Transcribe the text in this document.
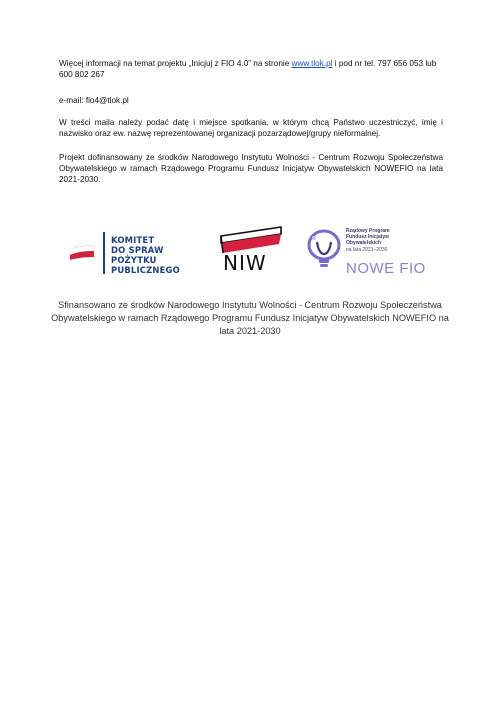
Więcej informacji na temat projektu „Inicjuj z FIO 4.0” na stronie www.tlok.pl i pod nr tel. 797 656 053 lub 600 802 267

e-mail: fio4@tlok.pl

W treści maila należy podać datę i miejsce spotkania, w którym chcą Państwo uczestniczyć, imię i nazwisko oraz ew. nazwę reprezentowanej organizacji pozarządowej/grupy nieformalnej.

Projekt dofinansowany ze środków Narodowego Instytutu Wolności - Centrum Rozwoju Społeczeństwa Obywatelskiego w ramach Rządowego Programu Fundusz Inicjatyw Obywatelskich NOWEFIO na lata 2021-2030.

KOMITET
DO SPRAW
POŻYTKU
PUBLICZNEGO NIW
Rządowy Program
Fundusz Inicjatyw
Obywatelskich
na lata 2021–2030
NOWE FIO

Sfinansowano ze środków Narodowego Instytutu Wolności - Centrum Rozwoju Społeczeństwa Obywatelskiego w ramach Rządowego Programu Fundusz Inicjatyw Obywatelskich NOWEFIO na lata 2021-2030
